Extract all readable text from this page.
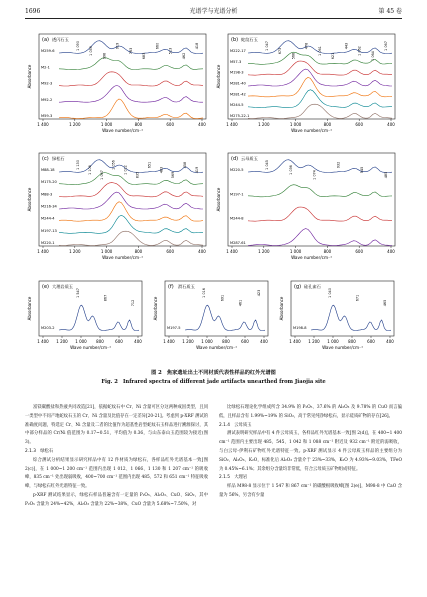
1696	光谱学与光谱分析	第 45 卷
(a) 透闪石玉
Absorbance
1 400	1 200	1 000	800	600	400
Wave number/cm⁻¹
M259-6
M2-1
M92-3
M92-2
M59-3
1 090
1 059
998
919
763
683
660
513
462
418
(b) 蛇纹石玉
Absorbance
1 400	1 200	1 000	800	600	400
Wave number/cm⁻¹
M222-17
M57-3
M198-3
M281-40
M281-42
M244-5
M275-22-1
1 047
673
568
478
1 061
621
443
1 062
1 064
1 067
(c) 绿松石
Absorbance
1 400	1 200	1 000	800	600	400
Wave number/cm⁻¹
M88-18
M175-20
M88-3
M216-34
M244-4
M197-13
M220-1
1 130
1 106
1 067
1 056
1 012
835
651
483
569
458
419
(d) 云母质玉
Absorbance
1 400	1 200	1 000	800	600	400
Wave number/cm⁻¹
M220-5
M197-1
M244-8
M287-61
1 045
1 036
1 074
932
545
485
(e) 大理岩质玉
Absorbance
1 400 1 200 1 000 800	600	400
Wave number/cm⁻¹
M203-2
1 547
867
712
(f) 滑石质玉
Absorbance
1 400 1 200 1 000 800	600	400
Wave number/cm⁻¹
M197-5
1 016
691
461
423
(g) 硅孔雀石
Absorbance
1 400 1 200 1 000 800	600	400
Wave number/cm⁻¹
M198-8
1 040
671
465
图 2　焦家遗址出土不同材质代表性样品的红外光谱图
Fig. 2　Infrared spectra of different jade artifacts unearthed from Jiaojia site

富镁碳酸盐和热液共同改造[21]，依据蛇纹石中 Cr、Ni 含量可区分这两种成因类型，且同一类型中不同产地蛇纹石玉的 Cr、Ni 含量及比值存在一定差异[20-21]。考虑到 p-XRF 测试的准确度问题，特选定 Cr、Ni 含量及二者的比值作为超基性岩型蛇纹石玉样品进行溯源探讨，其中部分样品的 Cr/Ni 值范围为 0.17~0.51，平均值为 0.36，与山东泰山玉范围较为接近(图 3)。

2.1.3　绿松石

综合测试分析结果显示研究样品中有 12 件材质为绿松石，各样品红外光谱基本一致[图 2(c)]，在 1 000~1 200 cm⁻¹ 范围内出现 1 012、1 066、1 130 和 1 207 cm⁻¹ 的吸收峰，835 cm⁻¹ 处出现弱吸收，400~700 cm⁻¹ 范围内出现 485、572 和 651 cm⁻¹ 特征吸收峰，与绿松石红外光谱特征一致。

p-XRF 测试结果显示，绿松石样品普遍含有一定量的 P₂O₅、Al₂O₃、CuO、SiO₂，其中 P₂O₅ 含量为 24%~42%，Al₂O₃ 含量为 22%~38%，CuO 含量为 5.68%~7.50%，对

比绿松石理论化学组成所含 34.9% 的 P₂O₅、37.6% 的 Al₂O₃ 及 9.78% 的 CuO 而言偏低，且样品含有 1.99%~19% 的 SiO₂，高于常见纯净绿松石，显示硅质矿物的存在[26]。

2.1.4　云母质玉

测试表明研究样品中有 4 件云母质玉，各样品红外光谱基本一致[图 2(d)]，在 400~1 400 cm⁻¹ 范围内主要出现 485、545、1 042 和 1 088 cm⁻¹ 附近及 932 cm⁻¹ 附近的弱吸收，与白云母-伊利石矿物红外光谱特征一致。p-XRF 测试显示 4 件云母质玉样品的主要组分为 SiO₂、Al₂O₃、K₂O，标准化后 Al₂O₃ 含量介于 23%~33%，K₂O 为 4.93%~9.03%，TFeO 为 0.45%~6.1%；其余组分含量均非常低，符合云母质玉矿物组成特征。

2.1.5　大理岩

样品 M98-8 显示位于 1 547 和 867 cm⁻¹ 的碳酸根吸收峰[图 2(e)]，M98-8 中 CaO 含量为 56%，另含有少量
